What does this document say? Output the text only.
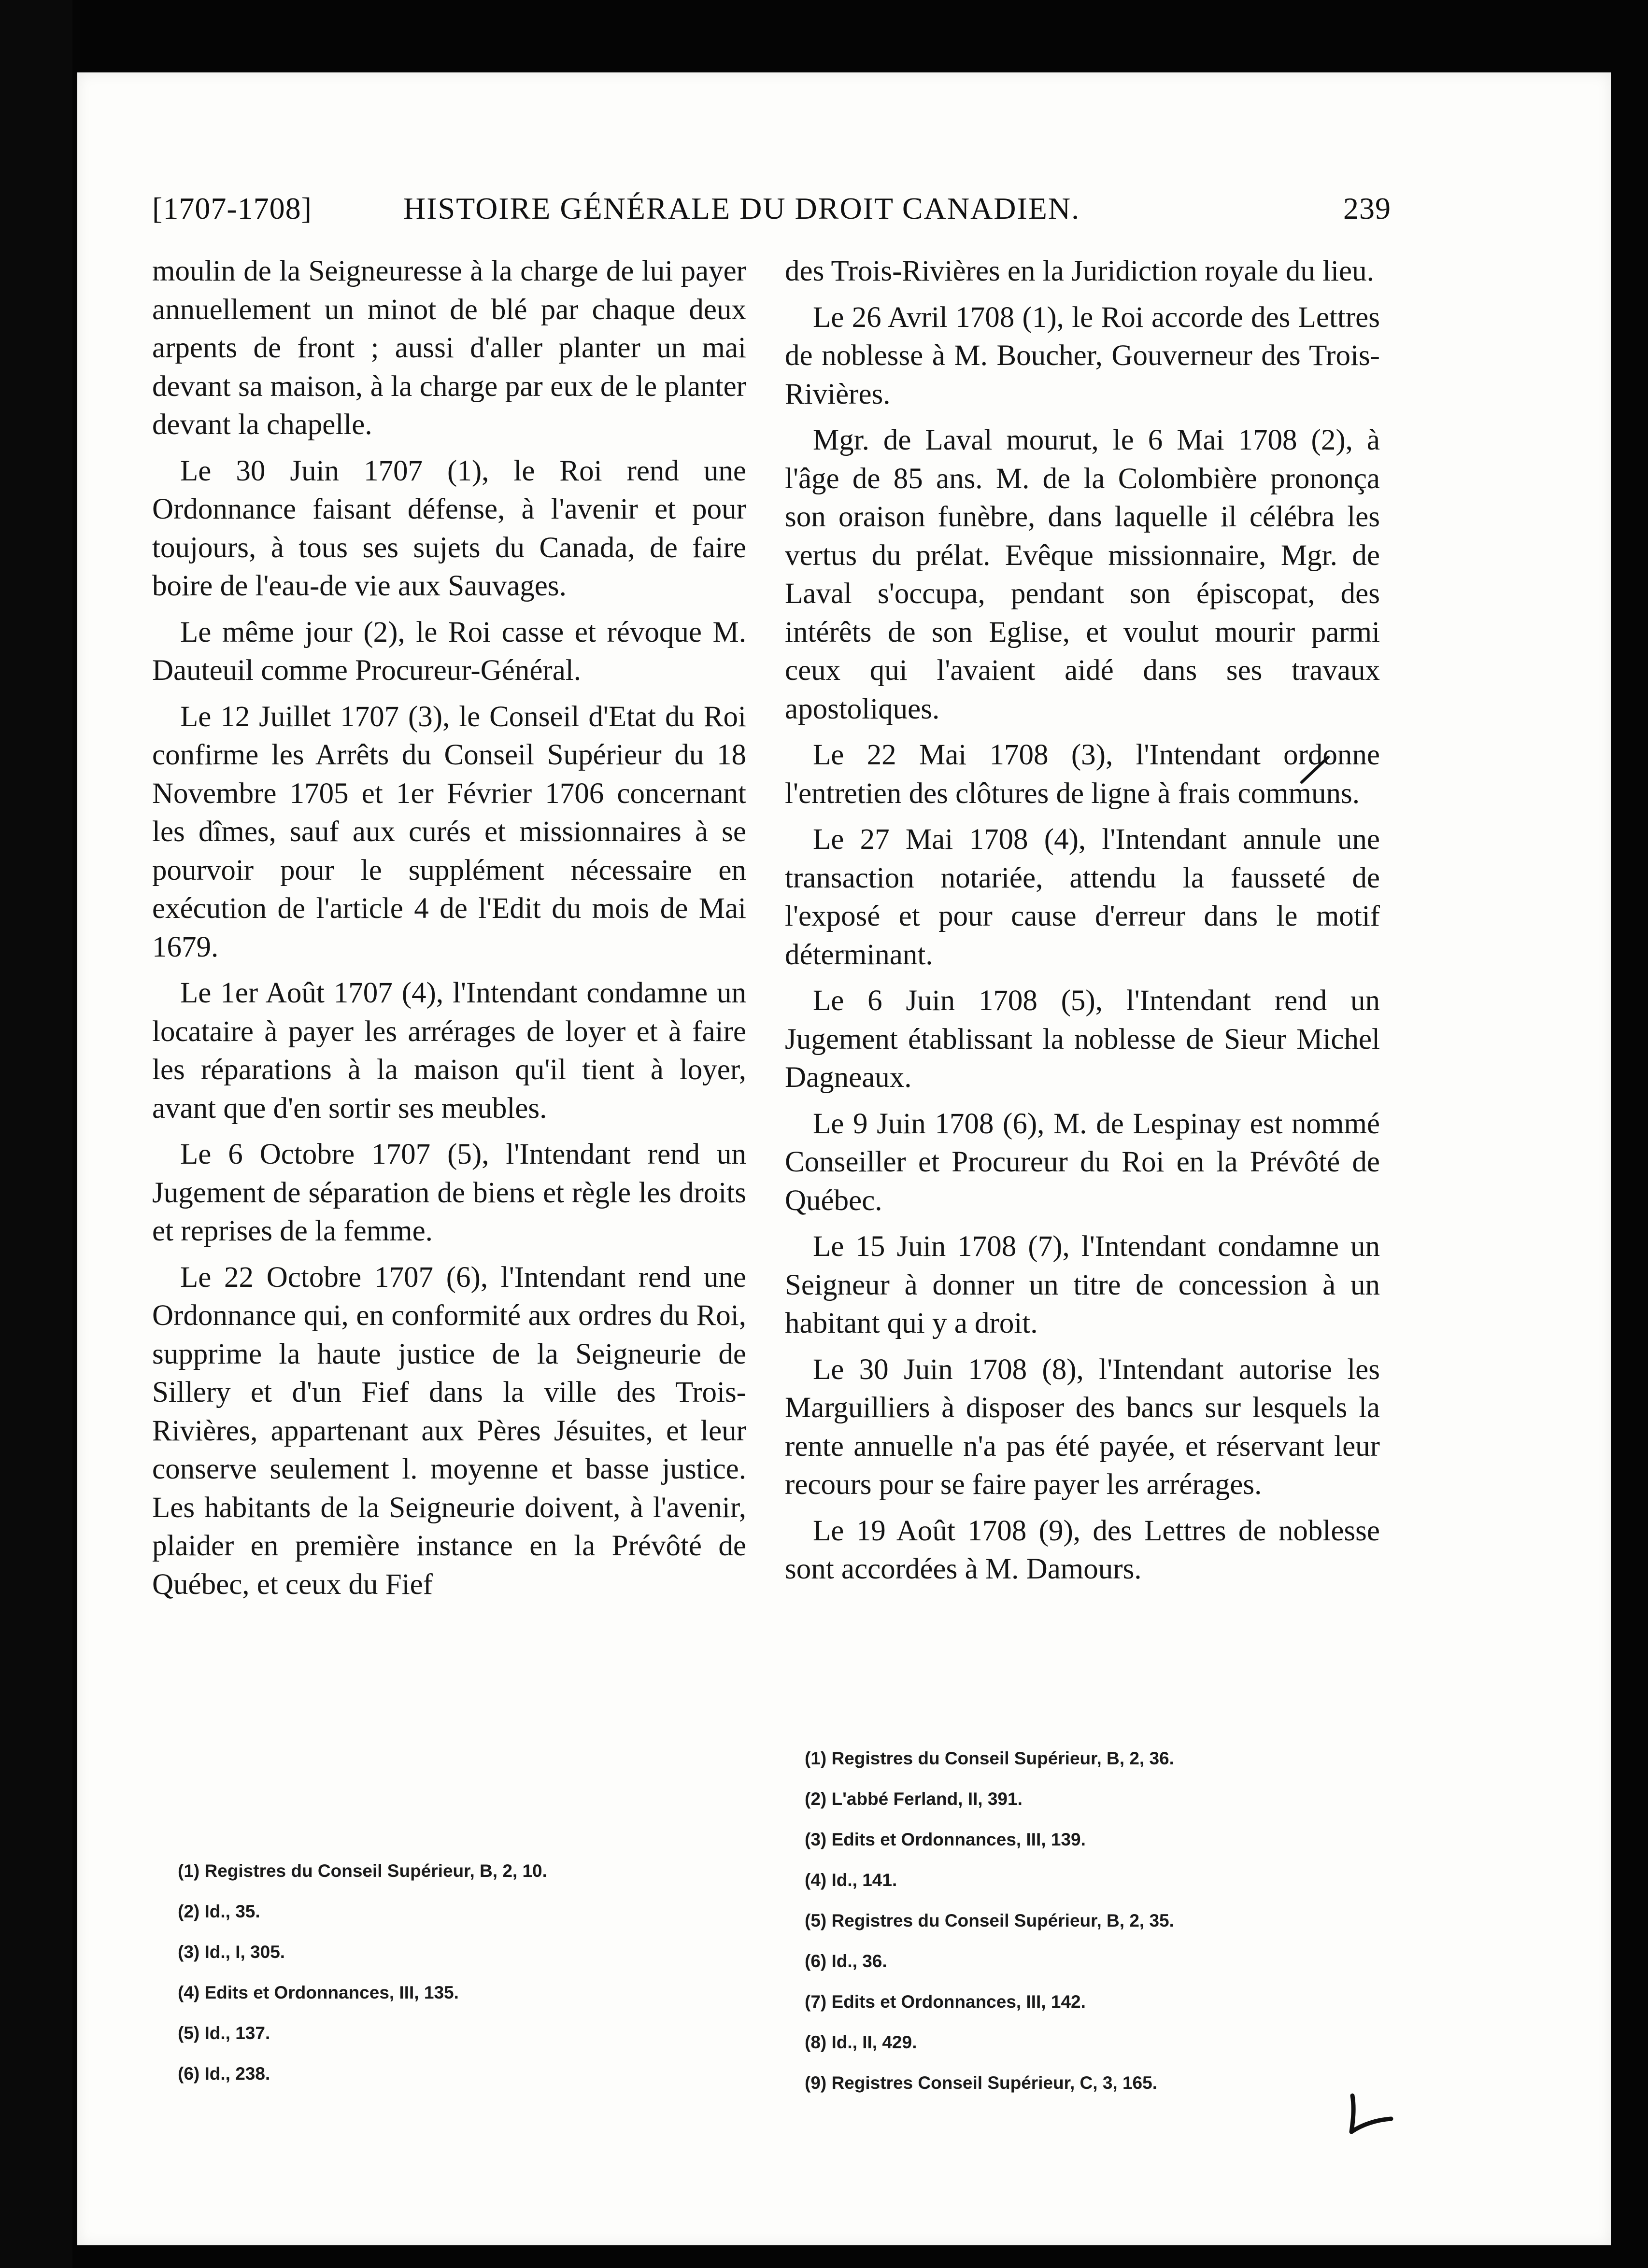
[1707-1708]	HISTOIRE GÉNÉRALE DU DROIT CANADIEN.	239

moulin de la Seigneuresse à la charge de lui payer annuellement un minot de blé par chaque deux arpents de front ; aussi d'aller planter un mai devant sa maison, à la charge par eux de le planter devant la chapelle.

Le 30 Juin 1707 (1), le Roi rend une Ordonnance faisant défense, à l'avenir et pour toujours, à tous ses sujets du Canada, de faire boire de l'eau-de vie aux Sauvages.

Le même jour (2), le Roi casse et révoque M. Dauteuil comme Procureur-Général.

Le 12 Juillet 1707 (3), le Conseil d'Etat du Roi confirme les Arrêts du Conseil Supérieur du 18 Novembre 1705 et 1er Février 1706 concernant les dîmes, sauf aux curés et missionnaires à se pourvoir pour le supplément nécessaire en exécution de l'article 4 de l'Edit du mois de Mai 1679.

Le 1er Août 1707 (4), l'Intendant condamne un locataire à payer les arrérages de loyer et à faire les réparations à la maison qu'il tient à loyer, avant que d'en sortir ses meubles.

Le 6 Octobre 1707 (5), l'Intendant rend un Jugement de séparation de biens et règle les droits et reprises de la femme.

Le 22 Octobre 1707 (6), l'Intendant rend une Ordonnance qui, en conformité aux ordres du Roi, supprime la haute justice de la Seigneurie de Sillery et d'un Fief dans la ville des Trois-Rivières, appartenant aux Pères Jésuites, et leur conserve seulement l. moyenne et basse justice. Les habitants de la Seigneurie doivent, à l'avenir, plaider en première instance en la Prévôté de Québec, et ceux du Fief

des Trois-Rivières en la Juridiction royale du lieu.

Le 26 Avril 1708 (1), le Roi accorde des Lettres de noblesse à M. Boucher, Gouverneur des Trois-Rivières.

Mgr. de Laval mourut, le 6 Mai 1708 (2), à l'âge de 85 ans. M. de la Colombière prononça son oraison funèbre, dans laquelle il célébra les vertus du prélat. Evêque missionnaire, Mgr. de Laval s'occupa, pendant son épiscopat, des intérêts de son Eglise, et voulut mourir parmi ceux qui l'avaient aidé dans ses travaux apostoliques.

Le 22 Mai 1708 (3), l'Intendant ordonne l'entretien des clôtures de ligne à frais communs.

Le 27 Mai 1708 (4), l'Intendant annule une transaction notariée, attendu la fausseté de l'exposé et pour cause d'erreur dans le motif déterminant.

Le 6 Juin 1708 (5), l'Intendant rend un Jugement établissant la noblesse de Sieur Michel Dagneaux.

Le 9 Juin 1708 (6), M. de Lespinay est nommé Conseiller et Procureur du Roi en la Prévôté de Québec.

Le 15 Juin 1708 (7), l'Intendant condamne un Seigneur à donner un titre de concession à un habitant qui y a droit.

Le 30 Juin 1708 (8), l'Intendant autorise les Marguilliers à disposer des bancs sur lesquels la rente annuelle n'a pas été payée, et réservant leur recours pour se faire payer les arrérages.

Le 19 Août 1708 (9), des Lettres de noblesse sont accordées à M. Damours.

(1) Registres du Conseil Supérieur, B, 2, 10.
(2) Id., 35.
(3) Id., I, 305.
(4) Edits et Ordonnances, III, 135.
(5) Id., 137.
(6) Id., 238.
(1) Registres du Conseil Supérieur, B, 2, 36.
(2) L'abbé Ferland, II, 391.
(3) Edits et Ordonnances, III, 139.
(4) Id., 141.
(5) Registres du Conseil Supérieur, B, 2, 35.
(6) Id., 36.
(7) Edits et Ordonnances, III, 142.
(8) Id., II, 429.
(9) Registres Conseil Supérieur, C, 3, 165.
